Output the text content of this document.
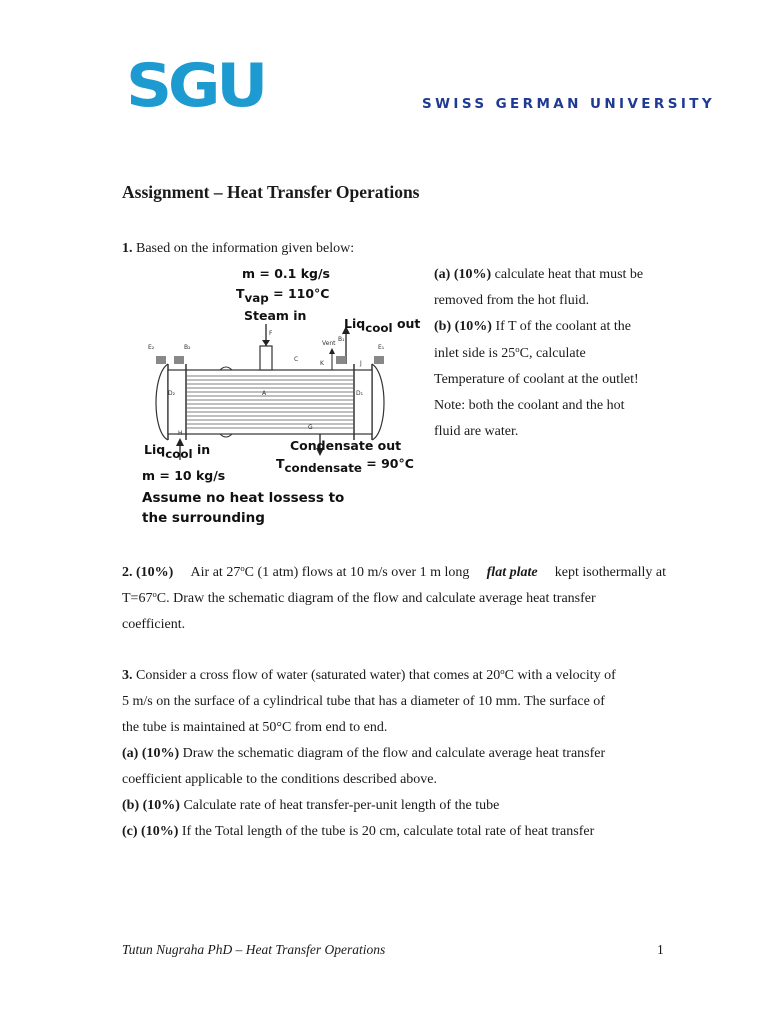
SGU	SWISS GERMAN UNIVERSITY
Assignment – Heat Transfer Operations
1. Based on the information given below:
(a) (10%) calculate heat that must be
removed from the hot fluid.
(b) (10%) If T of the coolant at the
inlet side is 25$^o$C, calculate
Temperature of coolant at the outlet!
Note: both the coolant and the hot
fluid are water.
E₂	B₂
F
C
Vent
B₁
E₁
K	J
D₂	A	D₁
H
G
m = 0.1 kg/s
$T_{vap} = 110^\circ C$
Steam in
Liq$_{cool}$ out
Liq$_{cool}$ in
m = 10 kg/s
Condensate out
$T_{condensate} = 90^\circ C$
Assume no heat lossess to
the surrounding
2. (10%) Air at 27$^o$C (1 atm) flows at 10 m/s over 1 m long flat plate kept isothermally at
$T=67^oC$. Draw the schematic diagram of the flow and calculate average heat transfer
coefficient.
3. Consider a cross flow of water (saturated water) that comes at 20$^o$C with a velocity of
5 m/s on the surface of a cylindrical tube that has a diameter of 10 mm. The surface of
the tube is maintained at 50°C from end to end.
(a) (10%) Draw the schematic diagram of the flow and calculate average heat transfer
coefficient applicable to the conditions described above.
(b) (10%) Calculate rate of heat transfer-per-unit length of the tube
(c) (10%) If the Total length of the tube is 20 cm, calculate total rate of heat transfer
Tutun Nugraha PhD – Heat Transfer Operations	1
